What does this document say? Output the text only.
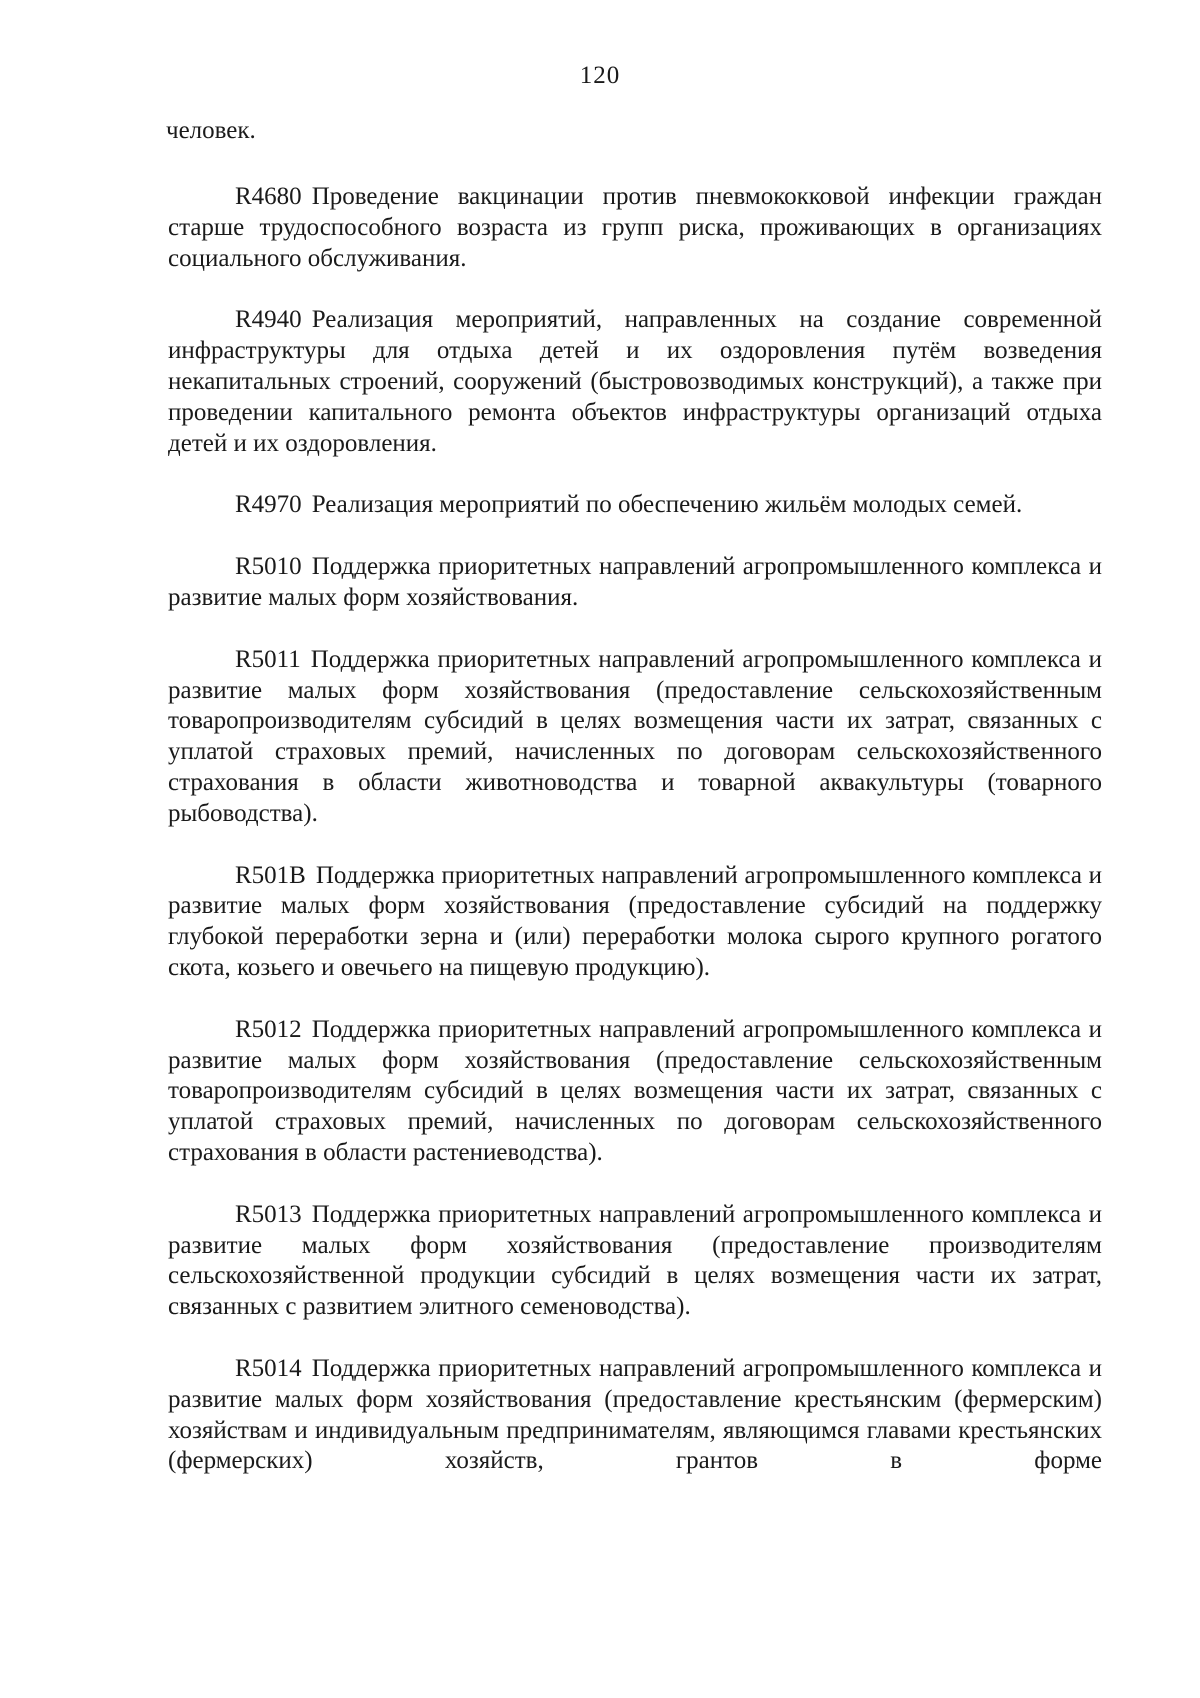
120
человек.

R4680 Проведение вакцинации против пневмококковой инфекции граждан старше трудоспособного возраста из групп риска, проживающих в организациях социального обслуживания.

R4940 Реализация мероприятий, направленных на создание современной инфраструктуры для отдыха детей и их оздоровления путём возведения некапитальных строений, сооружений (быстровозводимых конструкций), а также при проведении капитального ремонта объектов инфраструктуры организаций отдыха детей и их оздоровления.

R4970 Реализация мероприятий по обеспечению жильём молодых семей.

R5010 Поддержка приоритетных направлений агропромышленного комплекса и развитие малых форм хозяйствования.

R5011 Поддержка приоритетных направлений агропромышленного комплекса и развитие малых форм хозяйствования (предоставление сельскохозяйственным товаропроизводителям субсидий в целях возмещения части их затрат, связанных с уплатой страховых премий, начисленных по договорам сельскохозяйственного страхования в области животноводства и товарной аквакультуры (товарного рыбоводства).

R501B Поддержка приоритетных направлений агропромышленного комплекса и развитие малых форм хозяйствования (предоставление субсидий на поддержку глубокой переработки зерна и (или) переработки молока сырого крупного рогатого скота, козьего и овечьего на пищевую продукцию).

R5012 Поддержка приоритетных направлений агропромышленного комплекса и развитие малых форм хозяйствования (предоставление сельскохозяйственным товаропроизводителям субсидий в целях возмещения части их затрат, связанных с уплатой страховых премий, начисленных по договорам сельскохозяйственного страхования в области растениеводства).

R5013 Поддержка приоритетных направлений агропромышленного комплекса и развитие малых форм хозяйствования (предоставление производителям сельскохозяйственной продукции субсидий в целях возмещения части их затрат, связанных с развитием элитного семеноводства).

R5014 Поддержка приоритетных направлений агропромышленного комплекса и развитие малых форм хозяйствования (предоставление крестьянским (фермерским) хозяйствам и индивидуальным предпринимателям, являющимся главами крестьянских (фермерских) хозяйств, грантов в форме
